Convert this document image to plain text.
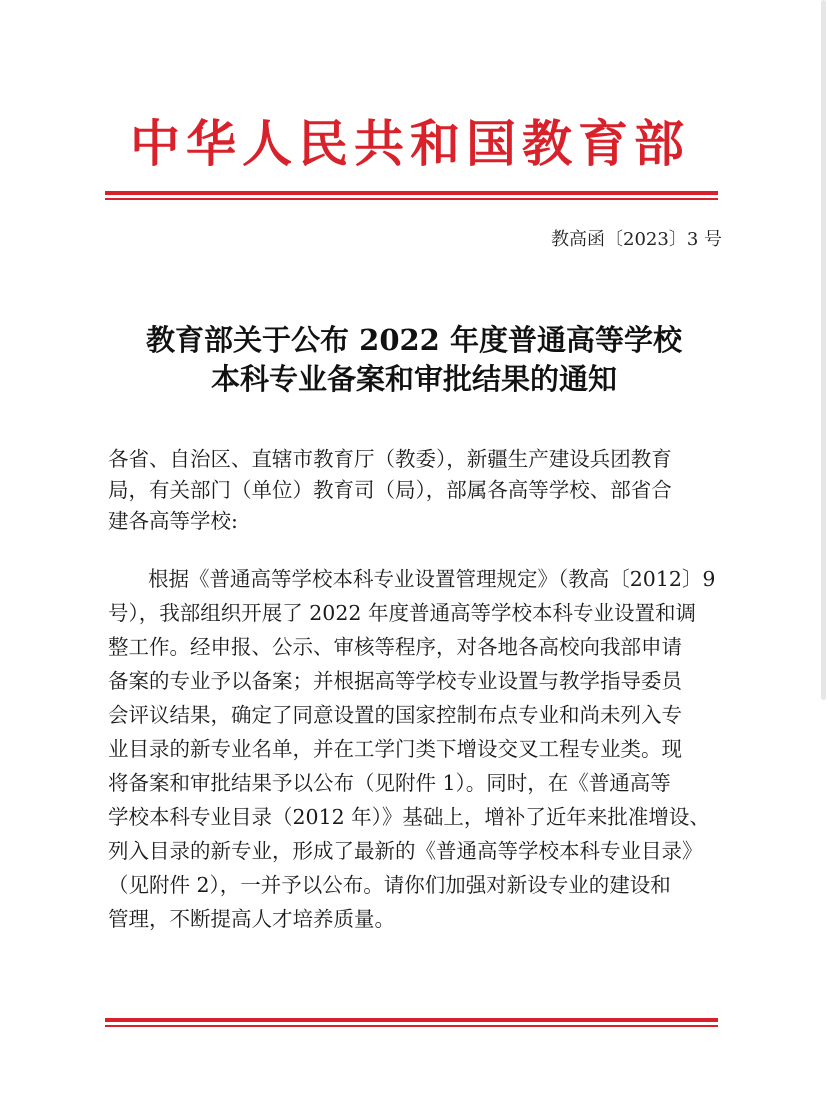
中华人民共和国教育部
教高函〔2023〕3 号
教育部关于公布 2022 年度普通高等学校
本科专业备案和审批结果的通知
各省、自治区、直辖市教育厅（教委），新疆生产建设兵团教育
局，有关部门（单位）教育司（局），部属各高等学校、部省合
建各高等学校:
根据《普通高等学校本科专业设置管理规定》（教高〔2012〕9
号），我部组织开展了 2022 年度普通高等学校本科专业设置和调
整工作。经申报、公示、审核等程序，对各地各高校向我部申请
备案的专业予以备案；并根据高等学校专业设置与教学指导委员
会评议结果，确定了同意设置的国家控制布点专业和尚未列入专
业目录的新专业名单，并在工学门类下增设交叉工程专业类。现
将备案和审批结果予以公布（见附件 1）。同时，在《普通高等
学校本科专业目录（2012 年）》基础上，增补了近年来批准增设、
列入目录的新专业，形成了最新的《普通高等学校本科专业目录》
（见附件 2），一并予以公布。请你们加强对新设专业的建设和
管理，不断提高人才培养质量。
